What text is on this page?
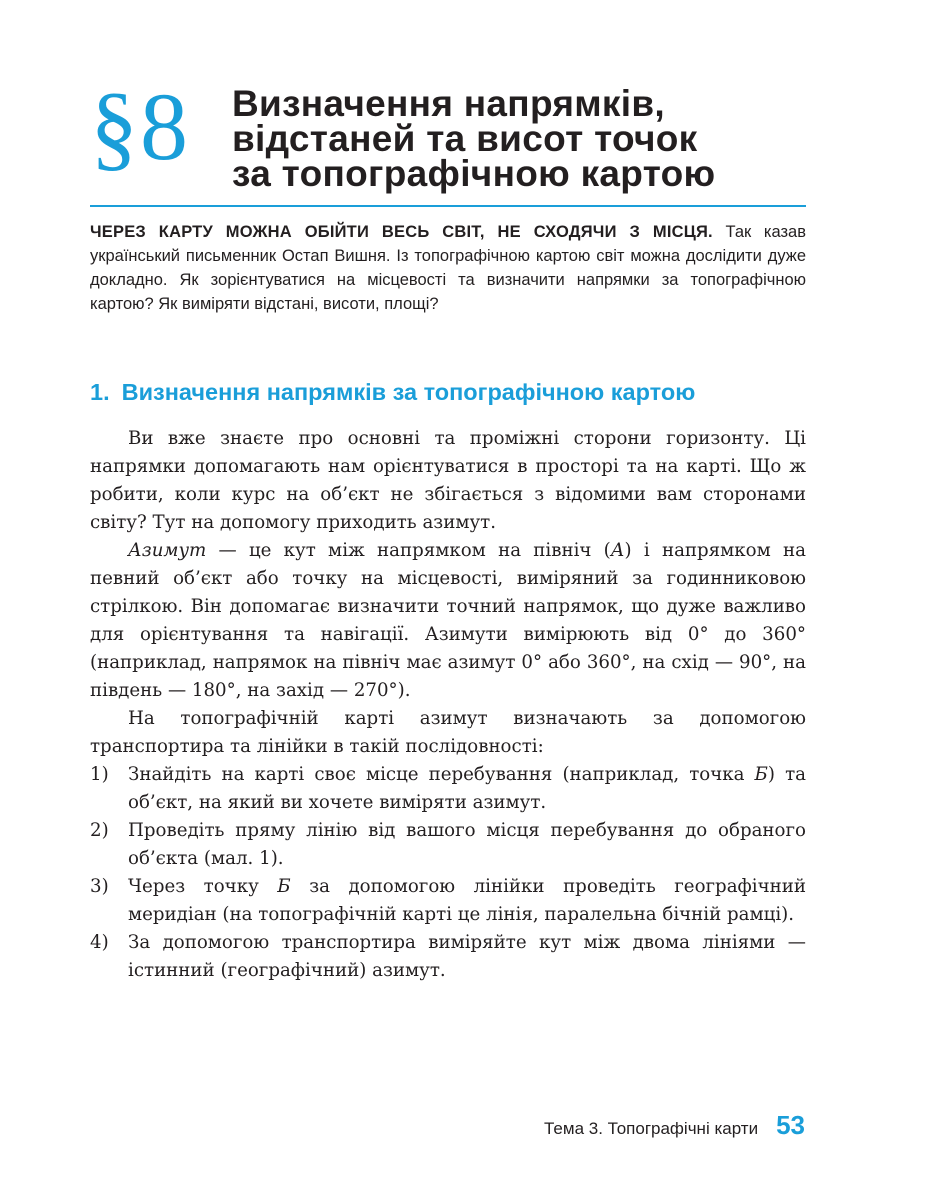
§8 Визначення напрямків,
відстаней та висот точок
за топографічною картою
ЧЕРЕЗ КАРТУ МОЖНА ОБІЙТИ ВЕСЬ СВІТ, НЕ СХОДЯЧИ З МІСЦЯ. Так казав український письменник Остап Вишня. Із топографічною картою світ можна дослідити дуже докладно. Як зорієнтуватися на місцевості та визначити напрямки за топографічною картою? Як виміряти відстані, висоти, площі?
1. Визначення напрямків за топографічною картою

Ви вже знаєте про основні та проміжні сторони горизонту. Ці напрямки допомагають нам орієнтуватися в просторі та на карті. Що ж робити, коли курс на об’єкт не збігається з відомими вам сторонами світу? Тут на допомогу приходить азимут.

Азимут — це кут між напрямком на північ (А) і напрямком на певний об’єкт або точку на місцевості, виміряний за годинниковою стрілкою. Він допомагає визначити точний напрямок, що дуже важливо для орієнтування та навігації. Азимути вимірюють від 0° до 360° (наприклад, напрямок на північ має азимут 0° або 360°, на схід — 90°, на південь — 180°, на захід — 270°).

На топографічній карті азимут визначають за допомогою транспортира та лінійки в такій послідовності:

1) Знайдіть на карті своє місце перебування (наприклад, точка Б) та об’єкт, на який ви хочете виміряти азимут.
2) Проведіть пряму лінію від вашого місця перебування до обраного об’єкта (мал. 1).
3) Через точку Б за допомогою лінійки проведіть географічний меридіан (на топографічній карті це лінія, паралельна бічній рамці).
4) За допомогою транспортира виміряйте кут між двома лініями — істинний (географічний) азимут.
Тема 3. Топографічні карти 53
